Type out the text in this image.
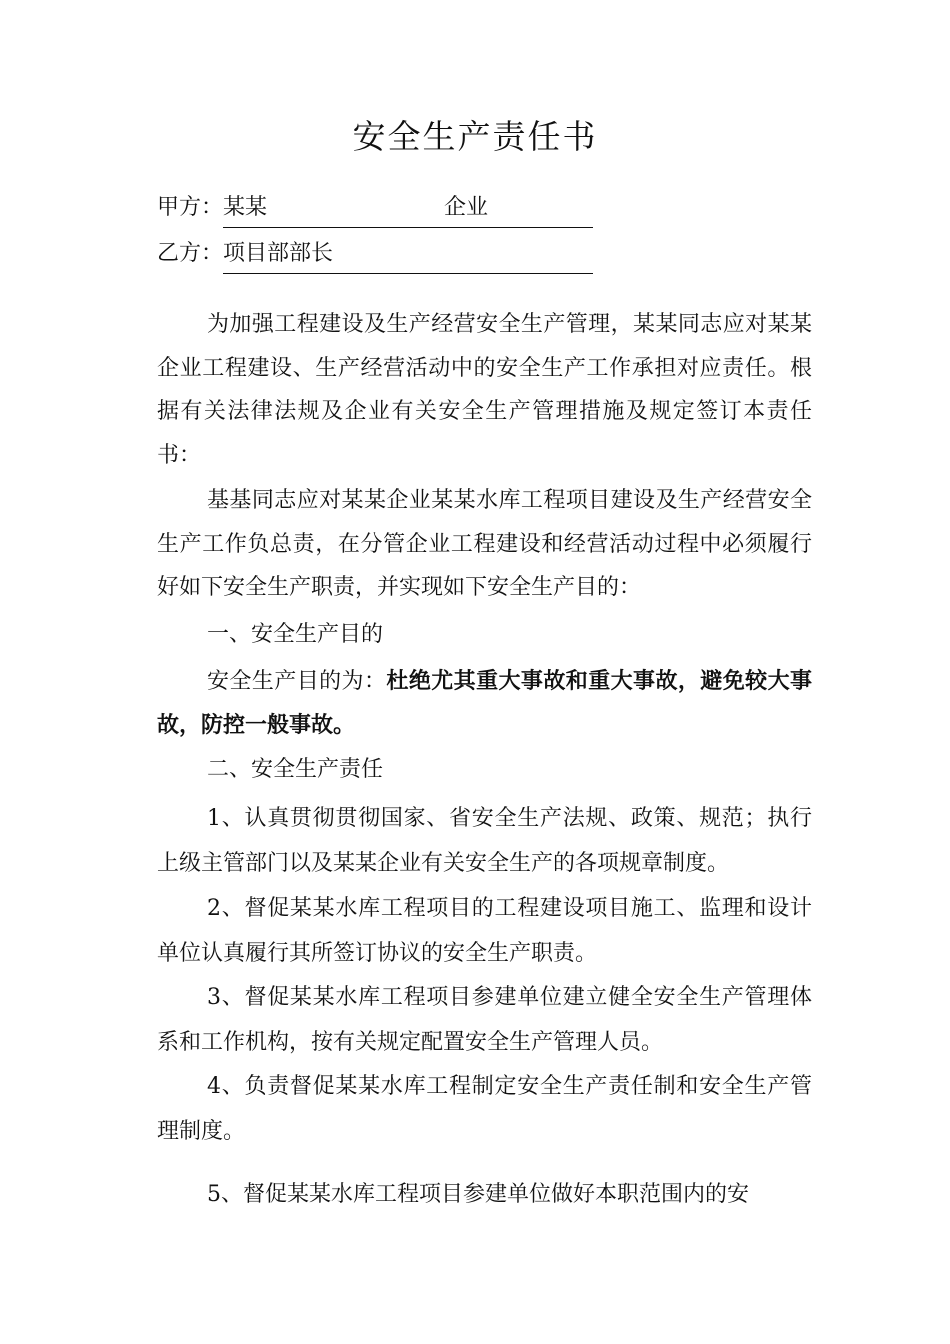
安全生产责任书
甲方： 某某	企业
乙方： 项目部部长

为加强工程建设及生产经营安全生产管理，某某同志应对某某企业工程建设、生产经营活动中的安全生产工作承担对应责任。根据有关法律法规及企业有关安全生产管理措施及规定签订本责任书：

基基同志应对某某企业某某水库工程项目建设及生产经营安全生产工作负总责，在分管企业工程建设和经营活动过程中必须履行好如下安全生产职责，并实现如下安全生产目的：

一、安全生产目的

安全生产目的为：杜绝尤其重大事故和重大事故，避免较大事故，防控一般事故。

二、安全生产责任

1、认真贯彻贯彻国家、省安全生产法规、政策、规范；执行上级主管部门以及某某企业有关安全生产的各项规章制度。

2、督促某某水库工程项目的工程建设项目施工、监理和设计单位认真履行其所签订协议的安全生产职责。

3、督促某某水库工程项目参建单位建立健全安全生产管理体系和工作机构，按有关规定配置安全生产管理人员。

4、负责督促某某水库工程制定安全生产责任制和安全生产管理制度。

5、督促某某水库工程项目参建单位做好本职范围内的安
